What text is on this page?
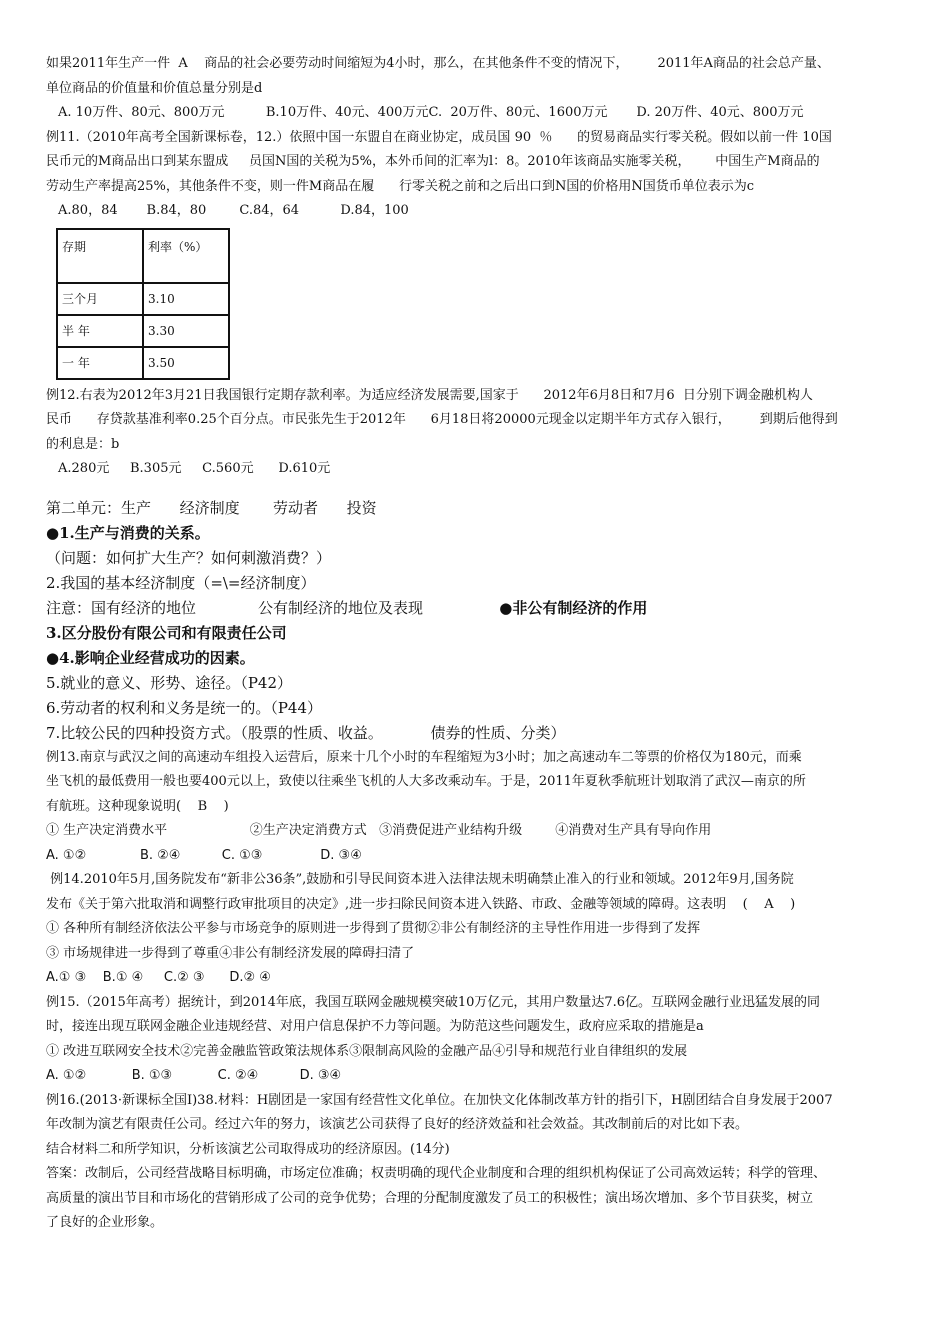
如果2011年生产一件  A    商品的社会必要劳动时间缩短为4小时，那么，在其他条件不变的情况下，       2011年A商品的社会总产量、

单位商品的价值量和价值总量分别是d

A. 10万件、80元、800万元          B.10万件、40元、400万元C.  20万件、80元、1600万元       D. 20万件、40元、800万元

例11.（2010年高考全国新课标卷，12.）依照中国一东盟自在商业协定，成员国 90  ％      的贸易商品实行零关税。假如以前一件 10国

民币元的M商品出口到某东盟成     员国N国的关税为5%，本外币间的汇率为l：8。2010年该商品实施零关税，      中国生产M商品的

劳动生产率提高25%，其他条件不变，则一件M商品在履      行零关税之前和之后出口到N国的价格用N国货币单位表示为c

A.80，84       B.84，80        C.84，64          D.84，100

存期	利率（%）
三个月	3.10
半 年	3.30
一 年	3.50

例12.右表为2012年3月21日我国银行定期存款利率。为适应经济发展需要,国家于      2012年6月8日和7月6  日分别下调金融机构人

民币      存贷款基准利率0.25个百分点。市民张先生于2012年      6月18日将20000元现金以定期半年方式存入银行，       到期后他得到

的利息是：b

A.280元     B.305元     C.560元      D.610元

第二单元：生产      经济制度       劳动者      投资

●1.生产与消费的关系。

（问题：如何扩大生产？如何刺激消费？）

2.我国的基本经济制度（=\=经济制度）

注意：国有经济的地位             公有制经济的地位及表现                ●非公有制经济的作用

3.区分股份有限公司和有限责任公司

●4.影响企业经营成功的因素。

5.就业的意义、形势、途径。（P42）

6.劳动者的权利和义务是统一的。（P44）

7.比较公民的四种投资方式。（股票的性质、收益。          债券的性质、分类）

例13.南京与武汉之间的高速动车组投入运营后，原来十几个小时的车程缩短为3小时；加之高速动车二等票的价格仅为180元，而乘

坐飞机的最低费用一般也要400元以上，致使以往乘坐飞机的人大多改乘动车。于是，2011年夏秋季航班计划取消了武汉—南京的所

有航班。这种现象说明(    B    )

① 生产决定消费水平                    ②生产决定消费方式   ③消费促进产业结构升级        ④消费对生产具有导向作用

A. ①②             B. ②④          C. ①③              D. ③④

例14.2010年5月,国务院发布“新非公36条”,鼓励和引导民间资本进入法律法规未明确禁止准入的行业和领域。2012年9月,国务院

发布《关于第六批取消和调整行政审批项目的决定》,进一步扫除民间资本进入铁路、市政、金融等领域的障碍。这表明    (    A    )

① 各种所有制经济依法公平参与市场竞争的原则进一步得到了贯彻②非公有制经济的主导性作用进一步得到了发挥

③ 市场规律进一步得到了尊重④非公有制经济发展的障碍扫清了

A.① ③    B.① ④     C.② ③      D.② ④

例15.（2015年高考）据统计，到2014年底，我国互联网金融规模突破10万亿元，其用户数量达7.6亿。互联网金融行业迅猛发展的同

时，接连出现互联网金融企业违规经营、对用户信息保护不力等问题。为防范这些问题发生，政府应采取的措施是a

① 改进互联网安全技术②完善金融监管政策法规体系③限制高风险的金融产品④引导和规范行业自律组织的发展

A. ①②           B. ①③           C. ②④          D. ③④

例16.(2013·新课标全国I)38.材料：H剧团是一家国有经营性文化单位。在加快文化体制改革方针的指引下，H剧团结合自身发展于2007

年改制为演艺有限责任公司。经过六年的努力，该演艺公司获得了良好的经济效益和社会效益。其改制前后的对比如下表。

结合材料二和所学知识，分析该演艺公司取得成功的经济原因。(14分)

答案：改制后，公司经营战略目标明确，市场定位准确；权责明确的现代企业制度和合理的组织机构保证了公司高效运转；科学的管理、

高质量的演出节目和市场化的营销形成了公司的竞争优势；合理的分配制度激发了员工的积极性；演出场次增加、多个节目获奖，树立

了良好的企业形象。
